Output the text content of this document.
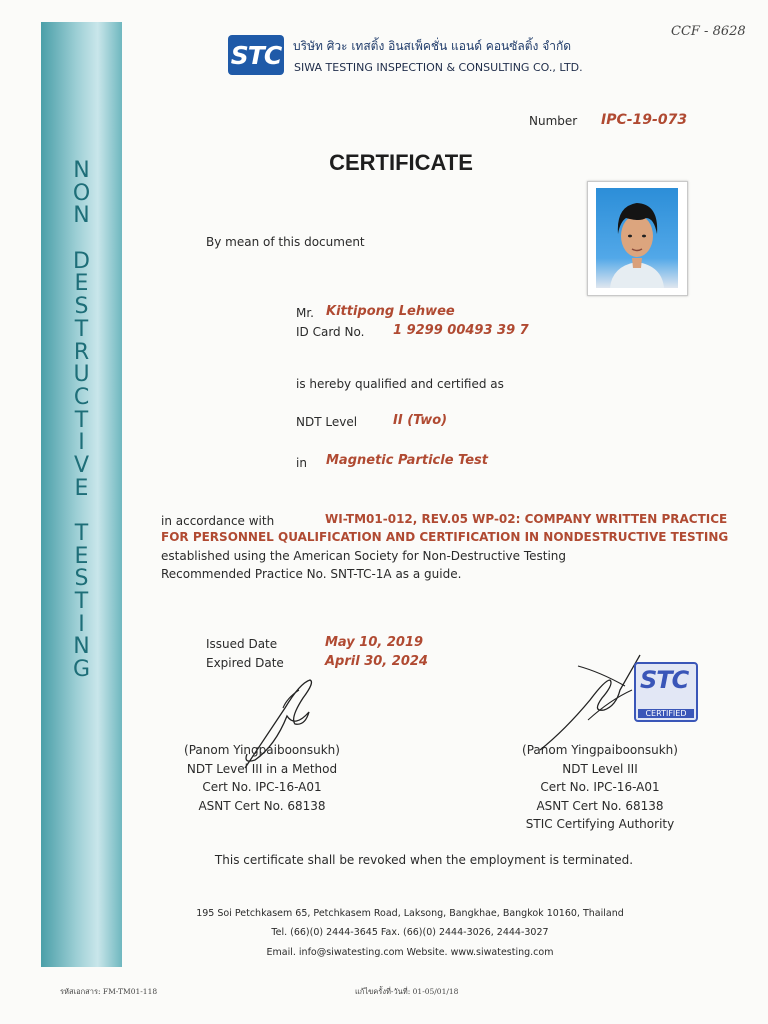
N
O
N
D
E
S
T
R
U
C
T
I
V
E
T
E
S
T
I
N
G
STC บริษัท ศิวะ เทสติ้ง อินสเพ็คชั่น แอนด์ คอนซัลติ้ง จำกัด
SIWA TESTING INSPECTION & CONSULTING CO., LTD.
CCF - 8628
Number IPC-19-073
CERTIFICATE
By mean of this document
Mr. Kittipong Lehwee
ID Card No. 1 9299 00493 39 7
is hereby qualified and certified as
NDT Level	II (Two)
in Magnetic Particle Test
in accordance with	WI-TM01-012, REV.05 WP-02: COMPANY WRITTEN PRACTICE
FOR PERSONNEL QUALIFICATION AND CERTIFICATION IN NONDESTRUCTIVE TESTING
established using the American Society for Non-Destructive Testing
Recommended Practice No. SNT-TC-1A as a guide.
Issued Date	May 10, 2019
Expired Date	April 30, 2024
STC
CERTIFIED
(Panom Yingpaiboonsukh)
NDT Level III in a Method
Cert No. IPC-16-A01
ASNT Cert No. 68138
(Panom Yingpaiboonsukh)
NDT Level III
Cert No. IPC-16-A01
ASNT Cert No. 68138
STIC Certifying Authority
This certificate shall be revoked when the employment is terminated.
195 Soi Petchkasem 65, Petchkasem Road, Laksong, Bangkhae, Bangkok 10160, Thailand
Tel. (66)(0) 2444-3645 Fax. (66)(0) 2444-3026, 2444-3027
Email. info@siwatesting.com Website. www.siwatesting.com
รหัสเอกสาร: FM-TM01-118	แก้ไขครั้งที่-วันที่: 01-05/01/18
